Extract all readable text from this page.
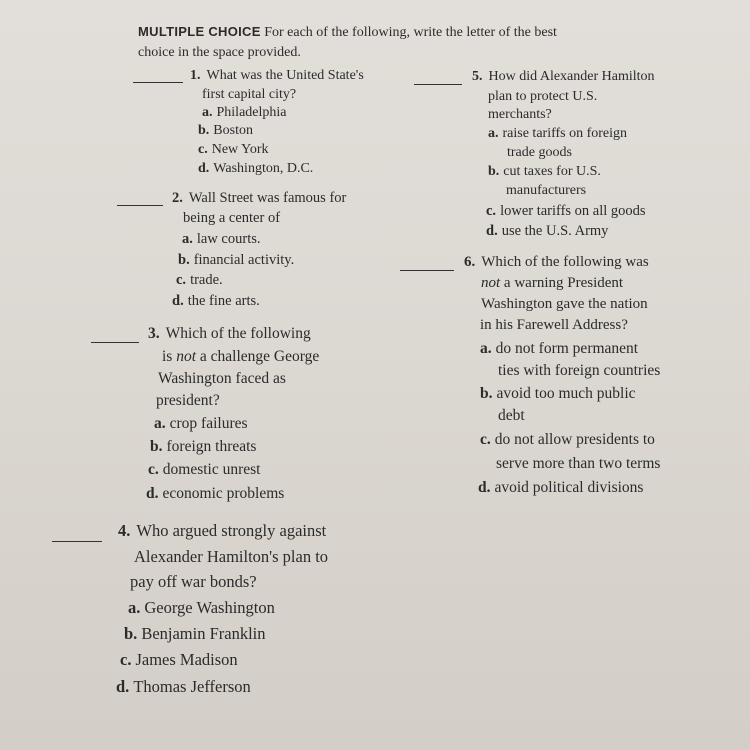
MULTIPLE CHOICE For each of the following, write the letter of the best
choice in the space provided.
1. What was the United State's
first capital city?
a. Philadelphia
b. Boston
c. New York
d. Washington, D.C.
2. Wall Street was famous for
being a center of
a. law courts.
b. financial activity.
c. trade.
d. the fine arts.
3. Which of the following
is not a challenge George
Washington faced as
president?
a. crop failures
b. foreign threats
c. domestic unrest
d. economic problems
4. Who argued strongly against
Alexander Hamilton's plan to
pay off war bonds?
a. George Washington
b. Benjamin Franklin
c. James Madison
d. Thomas Jefferson
5. How did Alexander Hamilton
plan to protect U.S.
merchants?
a. raise tariffs on foreign
trade goods
b. cut taxes for U.S.
manufacturers
c. lower tariffs on all goods
d. use the U.S. Army
6. Which of the following was
not a warning President
Washington gave the nation
in his Farewell Address?
a. do not form permanent
ties with foreign countries
b. avoid too much public
debt
c. do not allow presidents to
serve more than two terms
d. avoid political divisions
